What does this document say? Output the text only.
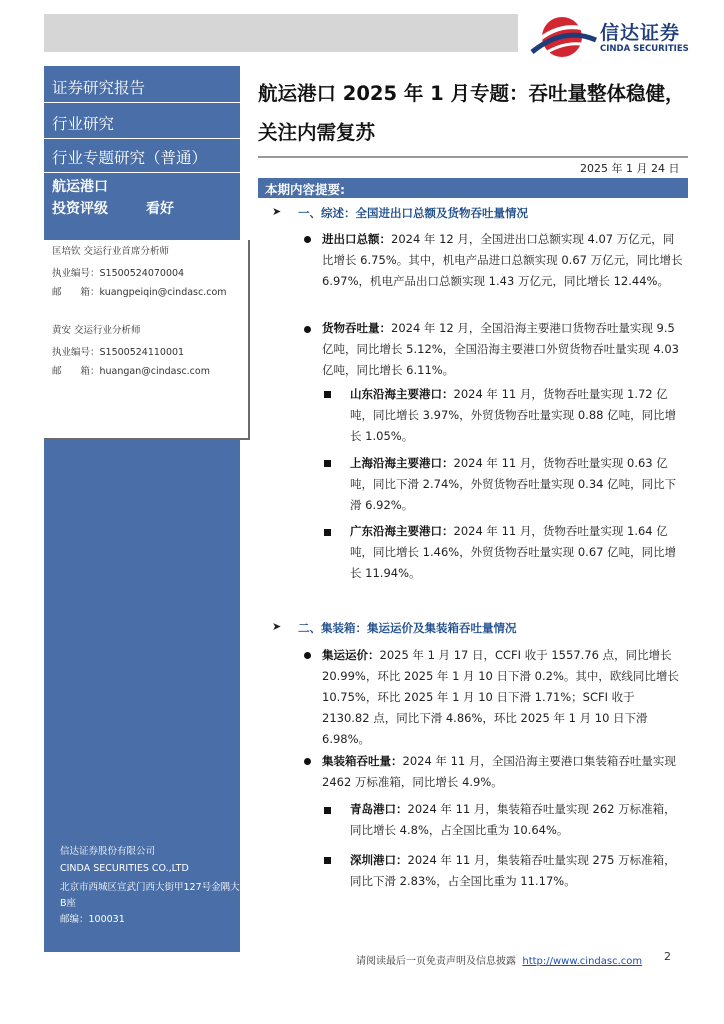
信达证券
CINDA SECURITIES
证券研究报告
行业研究
行业专题研究（普通）
航运港口
投资评级	看好
匡培钦 交运行业首席分析师
执业编号：S1500524070004
邮　　箱：kuangpeiqin@cindasc.com
黄安 交运行业分析师
执业编号：S1500524110001
邮　　箱：huangan@cindasc.com
信达证券股份有限公司
CINDA SECURITIES CO.,LTD
北京市西城区宣武门西大街甲127号金隅大厦
B座
邮编：100031
航运港口 2025 年 1 月专题：吞吐量整体稳健，关注内需复苏
2025 年 1 月 24 日
本期内容提要:
➤ 一、综述：全国进出口总额及货物吞吐量情况
进出口总额：2024 年 12 月，全国进出口总额实现 4.07 万亿元，同比增长 6.75%。其中，机电产品进口总额实现 0.67 万亿元，同比增长 6.97%，机电产品出口总额实现 1.43 万亿元，同比增长 12.44%。
货物吞吐量：2024 年 12 月，全国沿海主要港口货物吞吐量实现 9.5 亿吨，同比增长 5.12%，全国沿海主要港口外贸货物吞吐量实现 4.03 亿吨，同比增长 6.11%。
山东沿海主要港口：2024 年 11 月，货物吞吐量实现 1.72 亿吨，同比增长 3.97%，外贸货物吞吐量实现 0.88 亿吨，同比增长 1.05%。
上海沿海主要港口：2024 年 11 月，货物吞吐量实现 0.63 亿吨，同比下滑 2.74%，外贸货物吞吐量实现 0.34 亿吨，同比下滑 6.92%。
广东沿海主要港口：2024 年 11 月，货物吞吐量实现 1.64 亿吨，同比增长 1.46%，外贸货物吞吐量实现 0.67 亿吨，同比增长 11.94%。
➤ 二、集装箱：集运运价及集装箱吞吐量情况
集运运价：2025 年 1 月 17 日，CCFI 收于 1557.76 点，同比增长 20.99%，环比 2025 年 1 月 10 日下滑 0.2%。其中，欧线同比增长 10.75%，环比 2025 年 1 月 10 日下滑 1.71%；SCFI 收于 2130.82 点，同比下滑 4.86%，环比 2025 年 1 月 10 日下滑 6.98%。
集装箱吞吐量：2024 年 11 月，全国沿海主要港口集装箱吞吐量实现 2462 万标准箱，同比增长 4.9%。
青岛港口：2024 年 11 月，集装箱吞吐量实现 262 万标准箱，同比增长 4.8%，占全国比重为 10.64%。
深圳港口：2024 年 11 月，集装箱吞吐量实现 275 万标准箱，同比下滑 2.83%，占全国比重为 11.17%。
请阅读最后一页免责声明及信息披露 http://www.cindasc.com 2
